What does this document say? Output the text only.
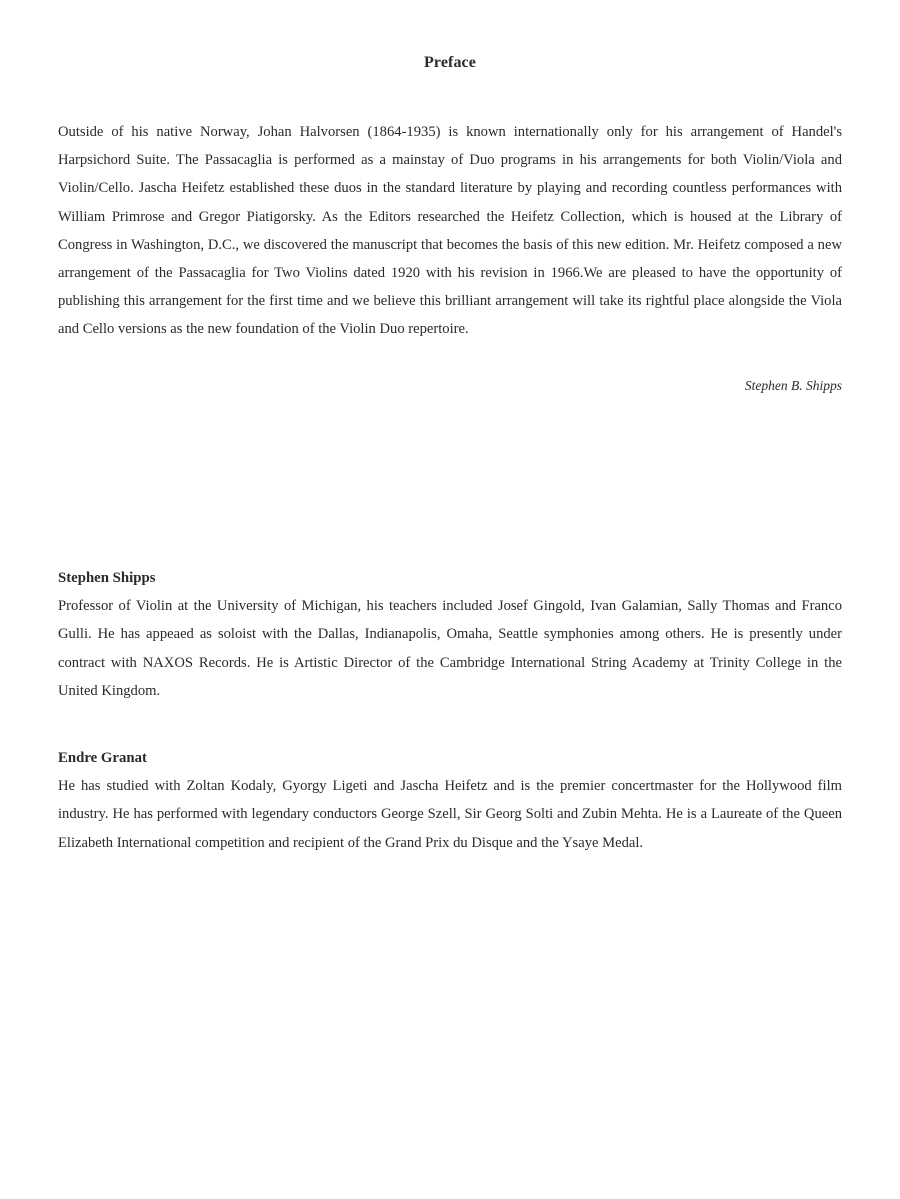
Preface

Outside of his native Norway, Johan Halvorsen (1864-1935) is known internationally only for his arrangement of Handel's Harpsichord Suite. The Passacaglia is performed as a mainstay of Duo programs in his arrangements for both Violin/Viola and Violin/Cello. Jascha Heifetz established these duos in the standard literature by playing and recording countless performances with William Primrose and Gregor Piatigorsky. As the Editors researched the Heifetz Collection, which is housed at the Library of Congress in Washington, D.C., we discovered the manuscript that becomes the basis of this new edition. Mr. Heifetz composed a new arrangement of the Passacaglia for Two Violins dated 1920 with his revision in 1966.We are pleased to have the opportunity of publishing this arrangement for the first time and we believe this brilliant arrangement will take its rightful place alongside the Viola and Cello versions as the new foundation of the Violin Duo repertoire.

Stephen B. Shipps

Stephen Shipps

Professor of Violin at the University of Michigan, his teachers included Josef Gingold, Ivan Galamian, Sally Thomas and Franco Gulli. He has appeaed as soloist with the Dallas, Indianapolis, Omaha, Seattle symphonies among others. He is presently under contract with NAXOS Records. He is Artistic Director of the Cambridge International String Academy at Trinity College in the United Kingdom.

Endre Granat

He has studied with Zoltan Kodaly, Gyorgy Ligeti and Jascha Heifetz and is the premier concertmaster for the Hollywood film industry. He has performed with legendary conductors George Szell, Sir Georg Solti and Zubin Mehta. He is a Laureate of the Queen Elizabeth International competition and recipient of the Grand Prix du Disque and the Ysaye Medal.
